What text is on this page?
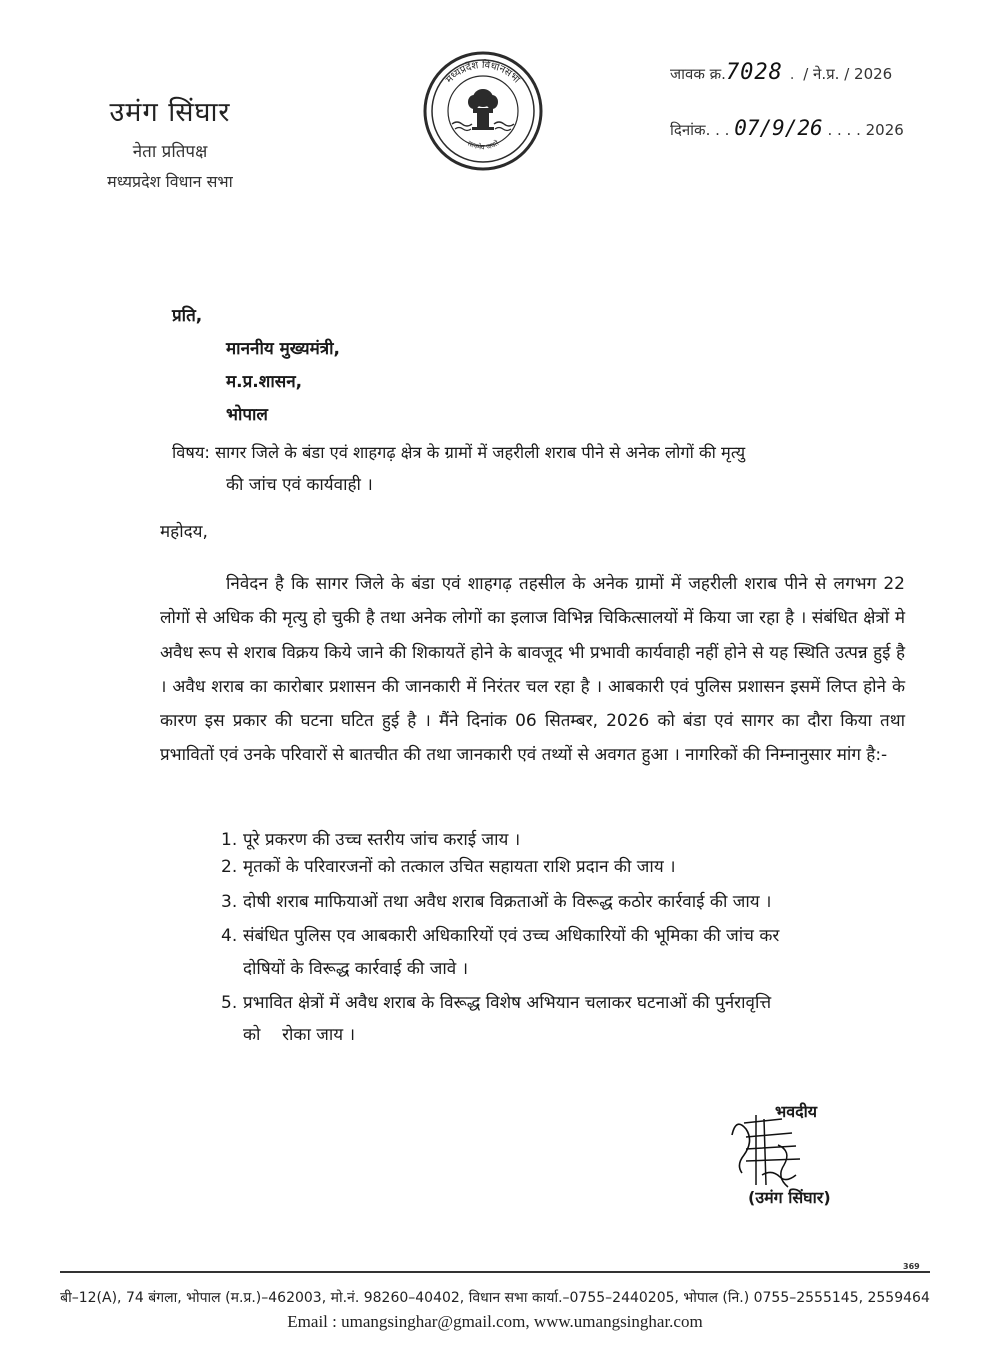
उमंग सिंघार
नेता प्रतिपक्ष
मध्यप्रदेश विधान सभा
मध्यप्रदेश विधानसभा
सत्यमेव जयते
जावक क्र.7028 . / ने.प्र. / 2026
दिनांक. . . 07/9/26 . . . . 2026
प्रति,
माननीय मुख्यमंत्री,
म.प्र.शासन,
भोपाल
विषय: सागर जिले के बंडा एवं शाहगढ़ क्षेत्र के ग्रामों में जहरीली शराब पीने से अनेक लोगों की मृत्यु
की जांच एवं कार्यवाही ।
महोदय,
निवेदन है कि सागर जिले के बंडा एवं शाहगढ़ तहसील के अनेक ग्रामों में जहरीली शराब पीने से लगभग 22 लोगों से अधिक की मृत्यु हो चुकी है तथा अनेक लोगों का इलाज विभिन्न चिकित्सालयों में किया जा रहा है । संबंधित क्षेत्रों मे अवैध रूप से शराब विक्रय किये जाने की शिकायतें होने के बावजूद भी प्रभावी कार्यवाही नहीं होने से यह स्थिति उत्पन्न हुई है । अवैध शराब का कारोबार प्रशासन की जानकारी में निरंतर चल रहा है । आबकारी एवं पुलिस प्रशासन इसमें लिप्त होने के कारण इस प्रकार की घटना घटित हुई है । मैंने दिनांक 06 सितम्बर, 2026 को बंडा एवं सागर का दौरा किया तथा प्रभावितों एवं उनके परिवारों से बातचीत की तथा जानकारी एवं तथ्यों से अवगत हुआ । नागरिकों की निम्नानुसार मांग है:-
1. पूरे प्रकरण की उच्च स्तरीय जांच कराई जाय ।
2. मृतकों के परिवारजनों को तत्काल उचित सहायता राशि प्रदान की जाय ।
3. दोषी शराब माफियाओं तथा अवैध शराब विक्रताओं के विरूद्ध कठोर कार्रवाई की जाय ।
4. संबंधित पुलिस एव आबकारी अधिकारियों एवं उच्च अधिकारियों की भूमिका की जांच कर
दोषियों के विरूद्ध कार्रवाई की जावे ।
5. प्रभावित क्षेत्रों में अवैध शराब के विरूद्ध विशेष अभियान चलाकर घटनाओं की पुर्नरावृत्ति
को    रोका जाय ।
भवदीय
(उमंग सिंघार)
369
बी–12(A), 74 बंगला, भोपाल (म.प्र.)–462003, मो.नं. 98260–40402, विधान सभा कार्या.–0755–2440205, भोपाल (नि.) 0755–2555145, 2559464
Email : umangsinghar@gmail.com, www.umangsinghar.com
